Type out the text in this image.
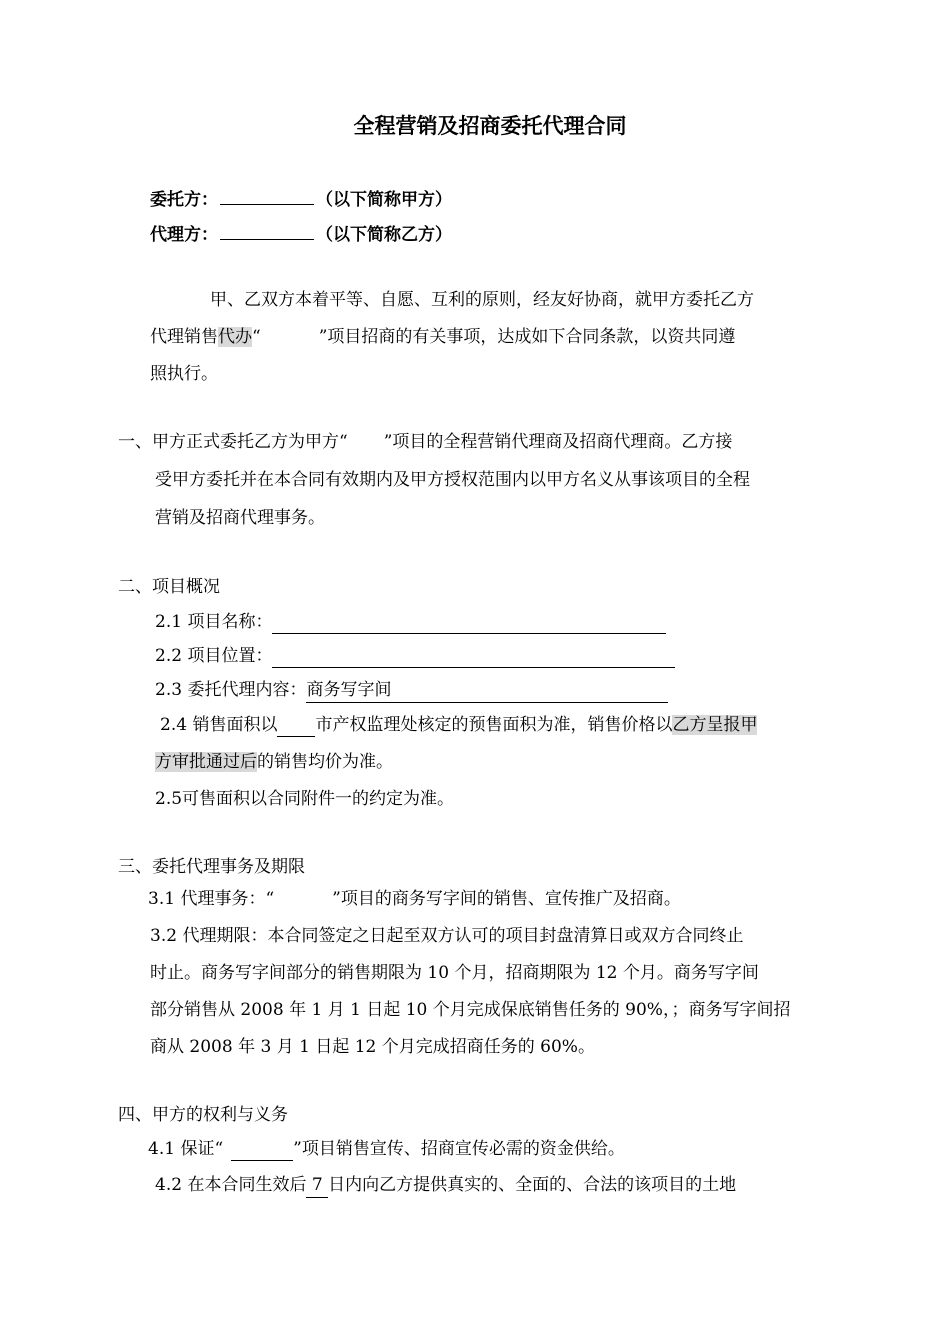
全程营销及招商委托代理合同
委托方：	（以下简称甲方）
代理方：	（以下简称乙方）
甲、乙双方本着平等、自愿、互利的原则，经友好协商，就甲方委托乙方
代理销售代办“	”项目招商的有关事项，达成如下合同条款，以资共同遵
照执行。
一、甲方正式委托乙方为甲方“ ”项目的全程营销代理商及招商代理商。乙方接
受甲方委托并在本合同有效期内及甲方授权范围内以甲方名义从事该项目的全程
营销及招商代理事务。
二、项目概况
2.1 项目名称：
2.2 项目位置：
2.3 委托代理内容：商务写字间
2.4 销售面积以 市产权监理处核定的预售面积为准，销售价格以乙方呈报甲
方审批通过后的销售均价为准。
2.5可售面积以合同附件一的约定为准。
三、委托代理事务及期限
3.1 代理事务：“	”项目的商务写字间的销售、宣传推广及招商。
3.2 代理期限：本合同签定之日起至双方认可的项目封盘清算日或双方合同终止
时止。商务写字间部分的销售期限为 10 个月，招商期限为 12 个月。商务写字间
部分销售从 2008 年 1 月 1 日起 10 个月完成保底销售任务的 90%，；商务写字间招
商从 2008 年 3 月 1 日起 12 个月完成招商任务的 60%。
四、甲方的权利与义务
4.1 保证“	”项目销售宣传、招商宣传必需的资金供给。
4.2 在本合同生效后 7 日内向乙方提供真实的、全面的、合法的该项目的土地
